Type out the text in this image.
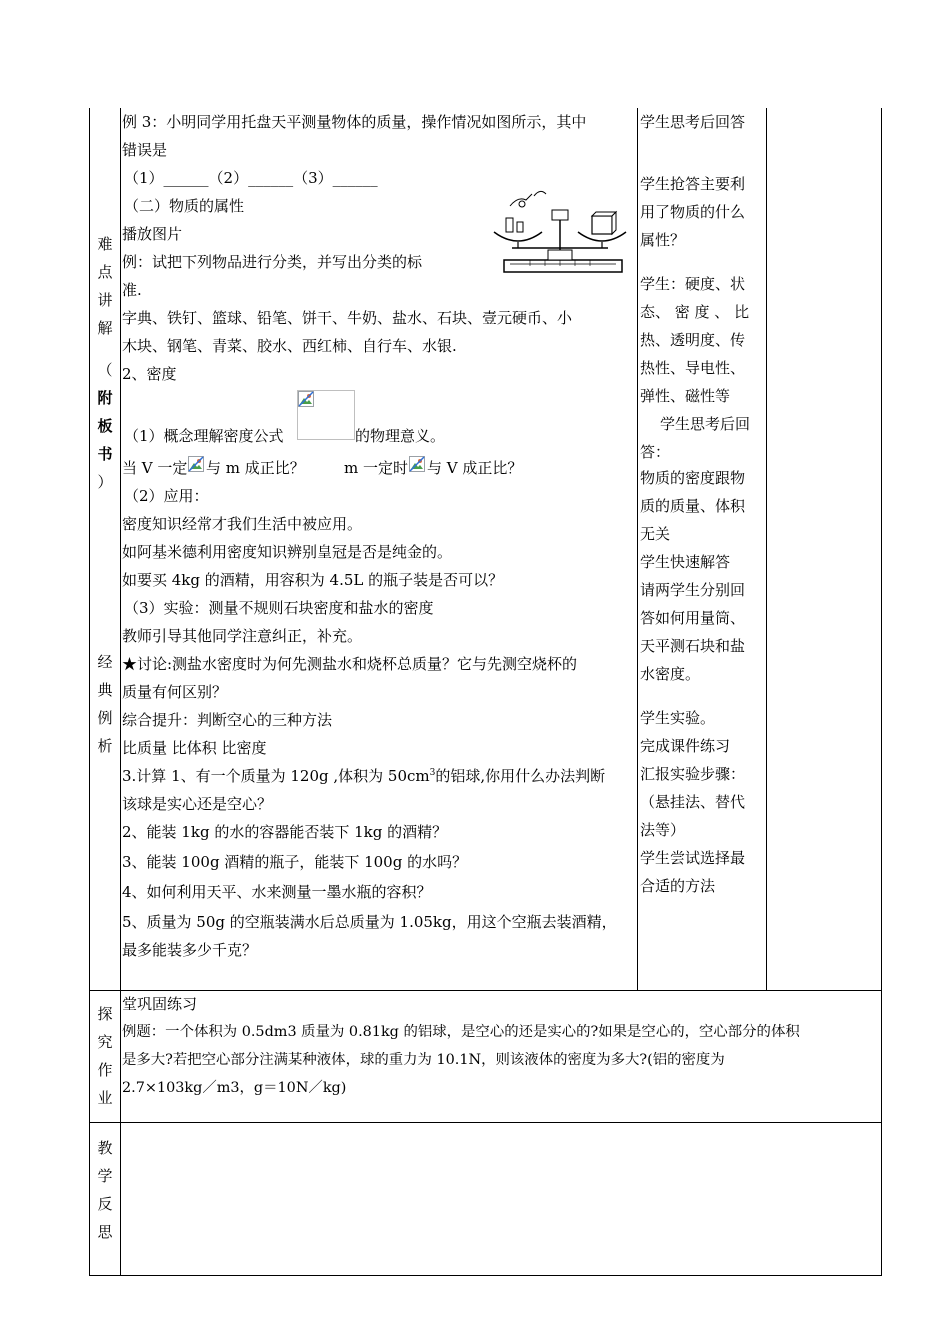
难
点
讲
解
（
附
板
书
）
经
典
例
析
探
究
作
业
教
学
反
思
例 3：小明同学用托盘天平测量物体的质量，操作情况如图所示，其中
错误是
（1）______（2）______（3）______
（二）物质的属性
播放图片
例：试把下列物品进行分类，并写出分类的标
准.
字典、铁钉、篮球、铅笔、饼干、牛奶、盐水、石块、壹元硬币、小
木块、钢笔、青菜、胶水、西红柿、自行车、水银.
2、密度
（1）概念理解密度公式	的物理意义。
当 V 一定 与 m 成正比？	m 一定时 与 V 成正比？
（2）应用：
密度知识经常才我们生活中被应用。
如阿基米德利用密度知识辨别皇冠是否是纯金的。
如要买 4kg 的酒精，用容积为 4.5L 的瓶子装是否可以？
（3）实验：测量不规则石块密度和盐水的密度
教师引导其他同学注意纠正，补充。
★讨论:测盐水密度时为何先测盐水和烧杯总质量？它与先测空烧杯的
质量有何区别？
综合提升：判断空心的三种方法
比质量 比体积 比密度
3.计算 1、有一个质量为 120g ,体积为 $50cm^3$的铝球,你用什么办法判断
该球是实心还是空心？
2、能装 1kg 的水的容器能否装下 1kg 的酒精？
3、能装 100g 酒精的瓶子，能装下 100g 的水吗？
4、如何利用天平、水来测量一墨水瓶的容积？
5、质量为 50g 的空瓶装满水后总质量为 1.05kg，用这个空瓶去装酒精，
最多能装多少千克？
学生思考后回答
学生抢答主要利
用了物质的什么
属性？
学生：硬度、状
态、 密 度 、 比
热、透明度、传
热性、导电性、
弹性、磁性等
学生思考后回
答：
物质的密度跟物
质的质量、体积
无关
学生快速解答
请两学生分别回
答如何用量筒、
天平测石块和盐
水密度。
学生实验。
完成课件练习
汇报实验步骤：
（悬挂法、替代
法等）
学生尝试选择最
合适的方法
堂巩固练习
例题：一个体积为 0.5dm3 质量为 0.81kg 的铝球，是空心的还是实心的?如果是空心的，空心部分的体积
是多大?若把空心部分注满某种液体，球的重力为 10.1N，则该液体的密度为多大?(铝的密度为
2.7×103kg／m3，g＝10N／kg)
